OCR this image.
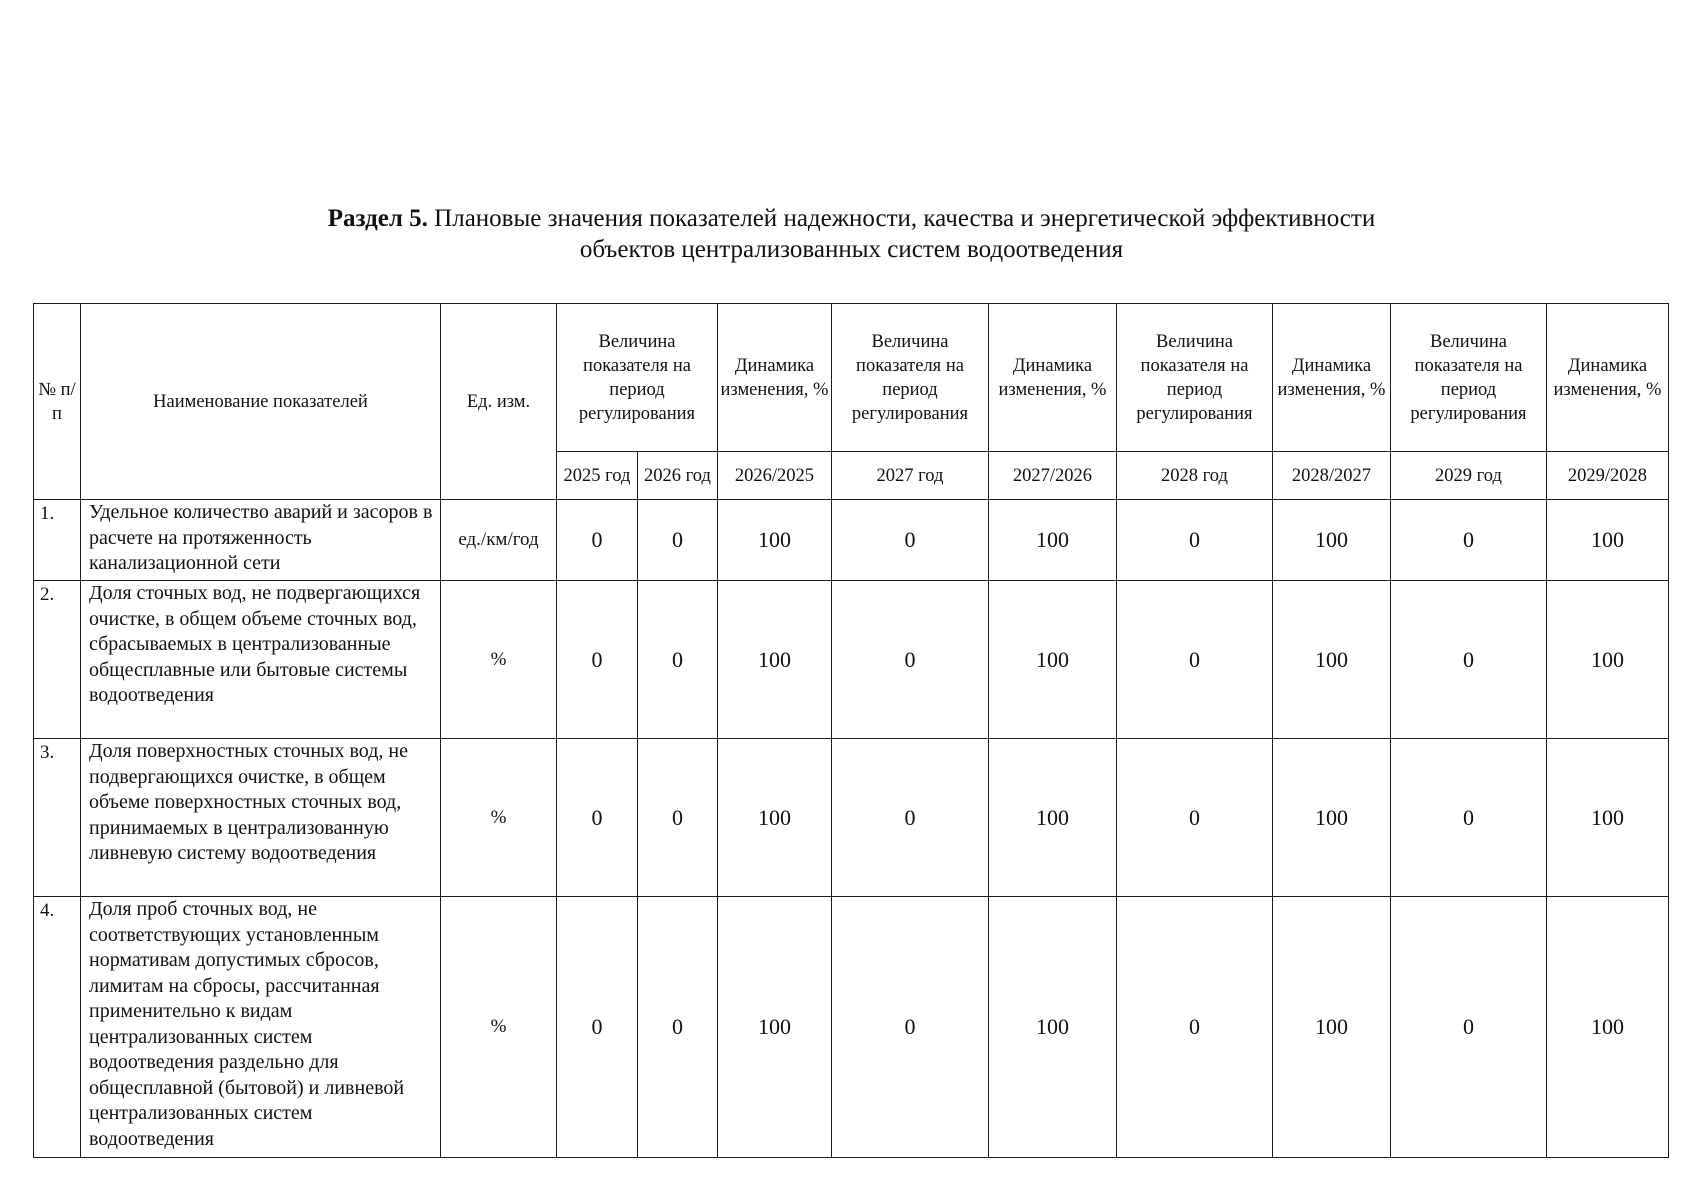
Раздел 5. Плановые значения показателей надежности, качества и энергетической эффективности
объектов централизованных систем водоотведения
№ п/п	Наименование показателей	Ед. изм.	Величина показателя на период регулирования		Динамика изменения, %	Величина показателя на период регулирования	Динамика изменения, %	Величина показателя на период регулирования	Динамика изменения, %	Величина показателя на период регулирования	Динамика изменения, %
			2025 год	2026 год	2026/2025	2027 год	2027/2026	2028 год	2028/2027	2029 год	2029/2028
1.	Удельное количество аварий и засоров в расчете на протяженность канализационной сети	ед./км/год	0	0	100	0	100	0	100	0	100
2.	Доля сточных вод, не подвергающихся очистке, в общем объеме сточных вод, сбрасываемых в централизованные общесплавные или бытовые системы водоотведения	%	0	0	100	0	100	0	100	0	100
3.	Доля поверхностных сточных вод, не подвергающихся очистке, в общем объеме поверхностных сточных вод, принимаемых в централизованную ливневую систему водоотведения	%	0	0	100	0	100	0	100	0	100
4.	Доля проб сточных вод, не соответствующих установленным нормативам допустимых сбросов, лимитам на сбросы, рассчитанная применительно к видам централизованных систем водоотведения раздельно для общесплавной (бытовой) и ливневой централизованных систем водоотведения	%	0	0	100	0	100	0	100	0	100
